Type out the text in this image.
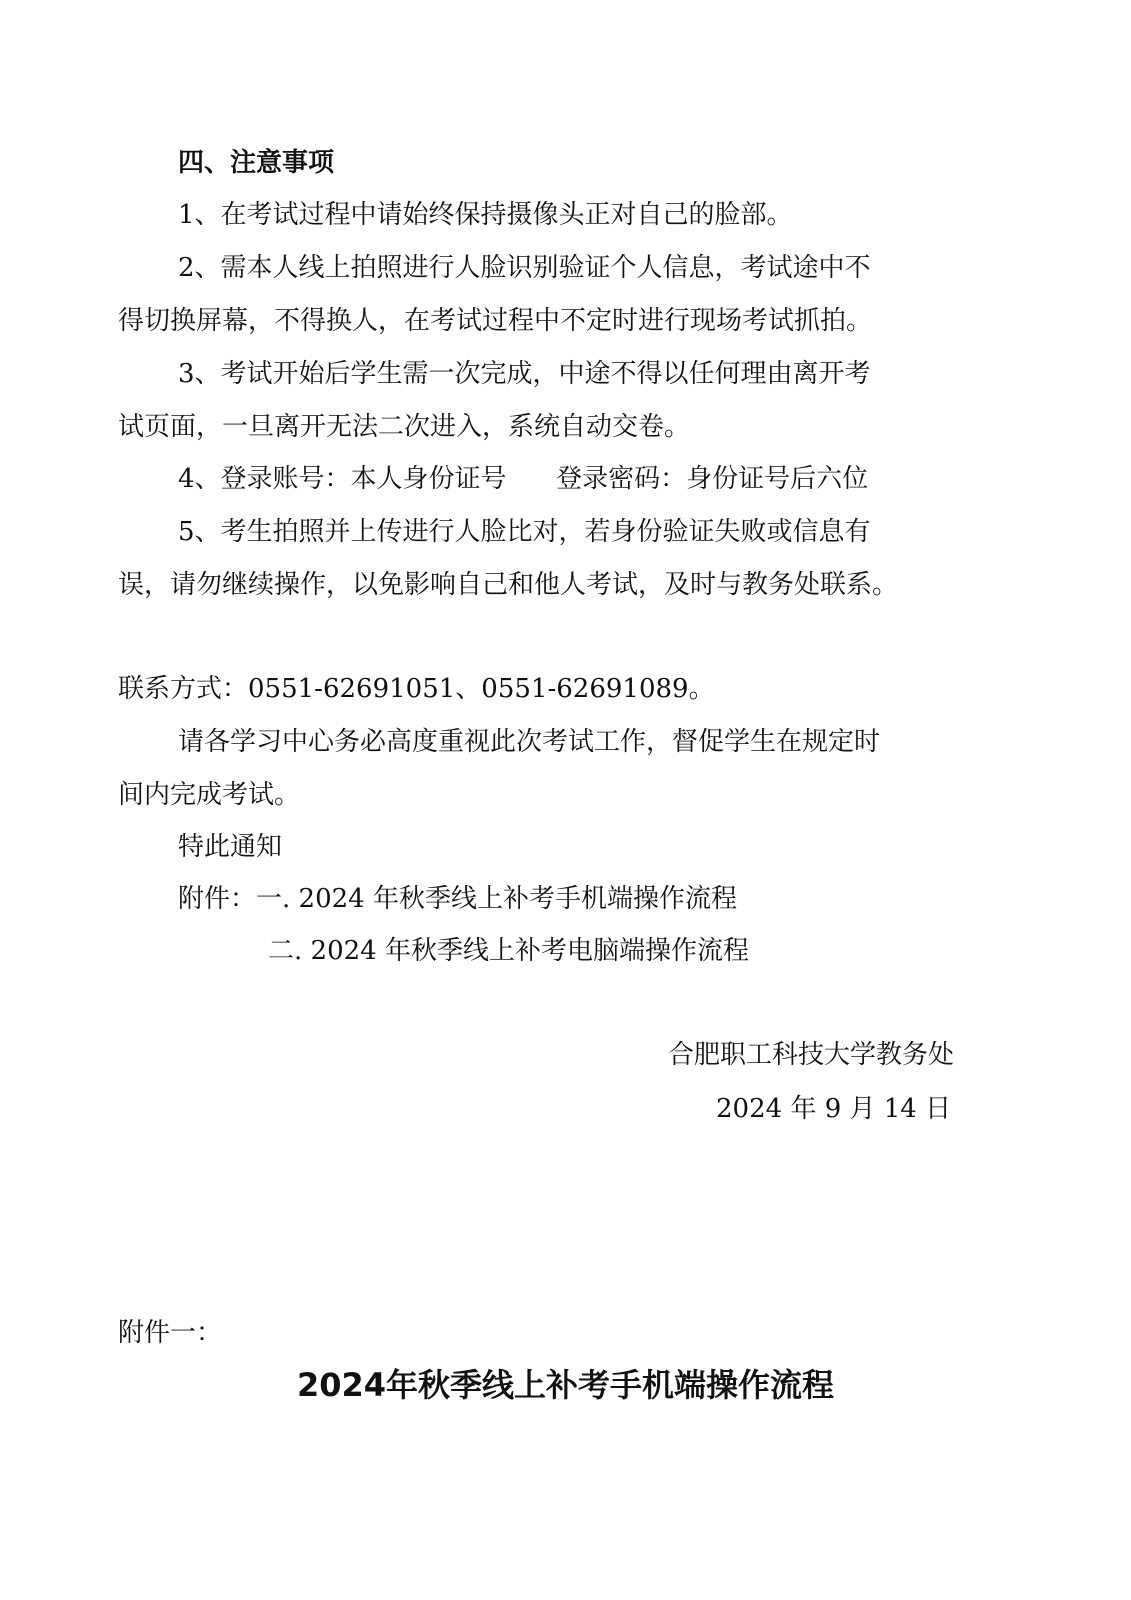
四、注意事项
1、在考试过程中请始终保持摄像头正对自己的脸部。
2、需本人线上拍照进行人脸识别验证个人信息，考试途中不
得切换屏幕，不得换人，在考试过程中不定时进行现场考试抓拍。
3、考试开始后学生需一次完成，中途不得以任何理由离开考
试页面，一旦离开无法二次进入，系统自动交卷。
4、登录账号：本人身份证号      登录密码：身份证号后六位
5、考生拍照并上传进行人脸比对，若身份验证失败或信息有
误，请勿继续操作，以免影响自己和他人考试，及时与教务处联系。
联系方式：0551-62691051、0551-62691089。
请各学习中心务必高度重视此次考试工作，督促学生在规定时
间内完成考试。
特此通知
附件：一. 2024 年秋季线上补考手机端操作流程
二. 2024 年秋季线上补考电脑端操作流程
合肥职工科技大学教务处
2024 年 9 月 14 日
附件一：
2024年秋季线上补考手机端操作流程
